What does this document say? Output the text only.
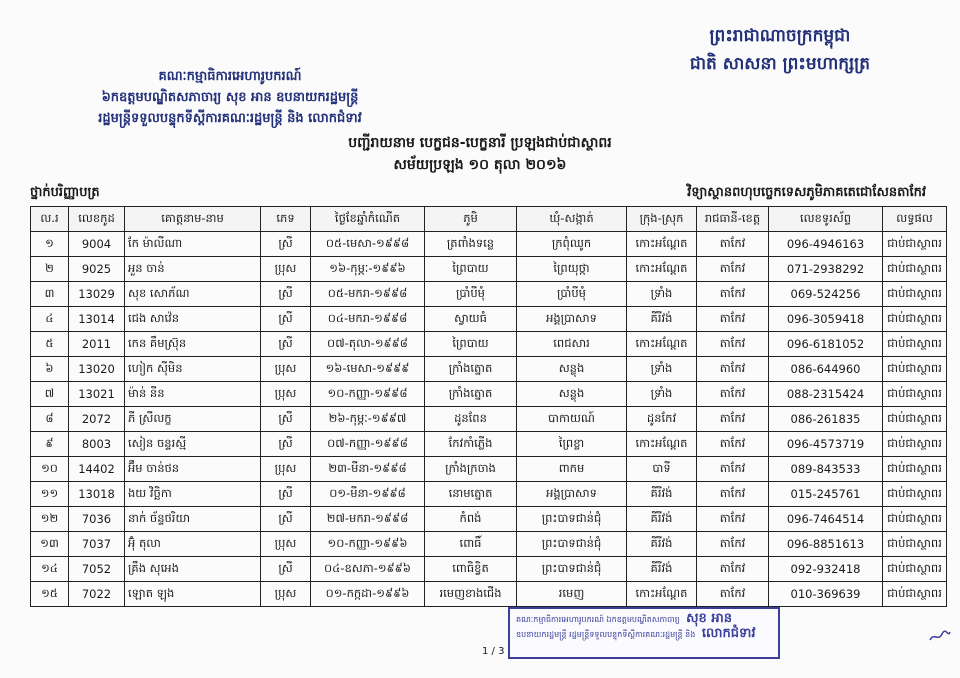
ព្រះរាជាណាចក្រកម្ពុជា
ជាតិ សាសនា ព្រះមហាក្សត្រ
គណៈកម្មាធិការអេហារូបករណ៍
៦កឧត្តមបណ្ឌិតសភាចារ្យ សុខ អាន ឧបនាយករដ្ឋមន្ត្រី
រដ្ឋមន្ត្រីទទួលបន្ទុកទីស្ដីការគណៈរដ្ឋមន្ត្រី និង លោកជំទាវ
បញ្ជីរាយនាម បេក្ខជន-បេក្ខនារី ប្រឡងជាប់ជាស្ថាពរ
សម័យប្រឡង ១០ តុលា ២០១៦
ថ្នាក់បរិញ្ញាបត្រ	វិទ្យាស្ថានពហុបច្ចេកទេសភូមិភាគតេជោសែនតាកែវ
ល.រ	លេខកូដ	គោត្តនាម-នាម	ភេទ	ថ្ងៃខែឆ្នាំកំណើត	ភូមិ	ឃុំ-សង្កាត់	ក្រុង-ស្រុក	រាជធានី-ខេត្ត	លេខទូរស័ព្ទ	លទ្ធផល
១	9004	កែ ម៉ាលីណា	ស្រី	០៥-មេសា-១៩៩៨	ត្រពាំងទន្លេ	ក្រពុំឈូក	កោះអណ្តែត	តាកែវ	096-4946163	ជាប់ជាស្ថាពរ
២	9025	អួន ចាន់	ប្រុស	១៦-កុម្ភៈ-១៩៩៦	ព្រៃបាយ	ព្រៃយុថ្កា	កោះអណ្តែត	តាកែវ	071-2938292	ជាប់ជាស្ថាពរ
៣	13029	សុខ សោភ័ណ	ស្រី	០៥-មករា-១៩៩៨	ប្រាំបីមុំ	ប្រាំបីមុំ	ទ្រាំង	តាកែវ	069-524256	ជាប់ជាស្ថាពរ
៤	13014	ជេង សាវ៉េន	ស្រី	០៤-មករា-១៩៩៨	ស្វាយធំ	អង្គប្រាសាទ	គីរីវង់	តាកែវ	096-3059418	ជាប់ជាស្ថាពរ
៥	2011	កេន គឹមស្រ៊ុន	ស្រី	០៧-តុលា-១៩៩៨	ព្រៃបាយ	ពេជសារ	កោះអណ្តែត	តាកែវ	096-6181052	ជាប់ជាស្ថាពរ
៦	13020	ហៀក ស៊ីមិន	ប្រុស	១៦-មេសា-១៩៩៩	ក្រាំងត្នោត	សន្លុង	ទ្រាំង	តាកែវ	086-644960	ជាប់ជាស្ថាពរ
៧	13021	ម៉ាន់ នីន	ប្រុស	១០-កញ្ញា-១៩៩៨	ក្រាំងត្នោត	សន្លុង	ទ្រាំង	តាកែវ	088-2315424	ជាប់ជាស្ថាពរ
៨	2072	ភី ស្រីលក្ខ	ស្រី	២៦-កុម្ភៈ-១៩៩៧	ដូនពែន	បាកាយណ៍	ដូនកែវ	តាកែវ	086-261835	ជាប់ជាស្ថាពរ
៩	8003	សៀន ចន្ទរស្មី	ស្រី	០៧-កញ្ញា-១៩៩៨	កែវកាំភ្លើង	ព្រៃខ្លា	កោះអណ្តែត	តាកែវ	096-4573719	ជាប់ជាស្ថាពរ
១០	14402	អ៊ឹម ចាន់ថន	ប្រុស	២៣-មីនា-១៩៩៨	ក្រាំងក្រចាង	ពាកម	បាទី	តាកែវ	089-843533	ជាប់ជាស្ថាពរ
១១	13018	ងយ វិច្ឆិកា	ស្រី	០១-មីនា-១៩៩៨	នោមត្នោត	អង្គប្រាសាទ	គីរីវង់	តាកែវ	015-245761	ជាប់ជាស្ថាពរ
១២	7036	នាក់ ច័ន្ទថរិយា	ស្រី	២៧-មករា-១៩៩៨	កំពង់	ព្រះបាទជាន់ជុំ	គីរីវង់	តាកែវ	096-7464514	ជាប់ជាស្ថាពរ
១៣	7037	អ៊ុំ តុលា	ប្រុស	១០-កញ្ញា-១៩៩៦	ពោធិ៍	ព្រះបាទជាន់ជុំ	គីរីវង់	តាកែវ	096-8851613	ជាប់ជាស្ថាពរ
១៤	7052	គ្រឹង សុអេង	ស្រី	០៤-ឧសភា-១៩៩៦	ពោធិខ្វិត	ព្រះបាទជាន់ជុំ	គីរីវង់	តាកែវ	092-932418	ជាប់ជាស្ថាពរ
១៥	7022	ឡោត ឡុង	ប្រុស	០១-កក្កដា-១៩៩៦	រមេញខាងជើង	រមេញ	កោះអណ្តែត	តាកែវ	010-369639	ជាប់ជាស្ថាពរ
1 / 3
គណៈកម្មាធិការអេហារូបករណ៍ ឯកឧត្តមបណ្ឌិតសភាចារ្យ សុខ អាន
ឧបនាយករដ្ឋមន្ត្រី រដ្ឋមន្ត្រីទទួលបន្ទុកទីស្ដីការគណៈរដ្ឋមន្ត្រី និង លោកជំទាវ
